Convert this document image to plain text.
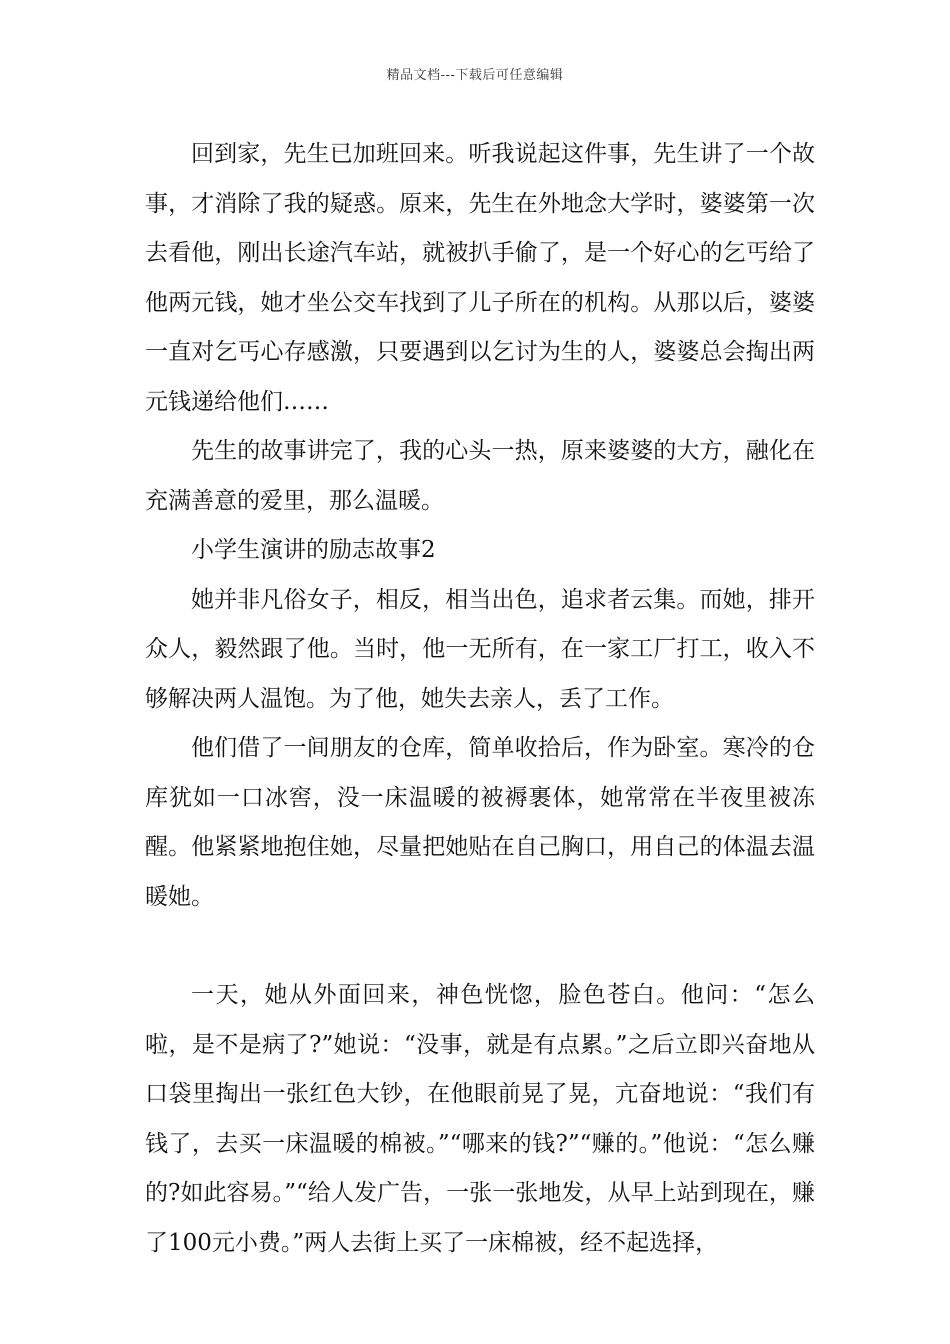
精品文档---下载后可任意编辑

回到家，先生已加班回来。听我说起这件事，先生讲了一个故事，才消除了我的疑惑。原来，先生在外地念大学时，婆婆第一次去看他，刚出长途汽车站，就被扒手偷了，是一个好心的乞丐给了他两元钱，她才坐公交车找到了儿子所在的机构。从那以后，婆婆一直对乞丐心存感激，只要遇到以乞讨为生的人，婆婆总会掏出两元钱递给他们……

先生的故事讲完了，我的心头一热，原来婆婆的大方，融化在充满善意的爱里，那么温暖。

小学生演讲的励志故事2

她并非凡俗女子，相反，相当出色，追求者云集。而她，排开众人，毅然跟了他。当时，他一无所有，在一家工厂打工，收入不够解决两人温饱。为了他，她失去亲人，丢了工作。

他们借了一间朋友的仓库，简单收拾后，作为卧室。寒冷的仓库犹如一口冰窖，没一床温暖的被褥裹体，她常常在半夜里被冻醒。他紧紧地抱住她，尽量把她贴在自己胸口，用自己的体温去温暖她。

一天，她从外面回来，神色恍惚，脸色苍白。他问：“怎么啦，是不是病了?”她说：“没事，就是有点累。”之后立即兴奋地从口袋里掏出一张红色大钞，在他眼前晃了晃，亢奋地说：“我们有钱了，去买一床温暖的棉被。”“哪来的钱?”“赚的。”他说：“怎么赚的?如此容易。”“给人发广告，一张一张地发，从早上站到现在，赚了100元小费。”两人去街上买了一床棉被，经不起选择，
